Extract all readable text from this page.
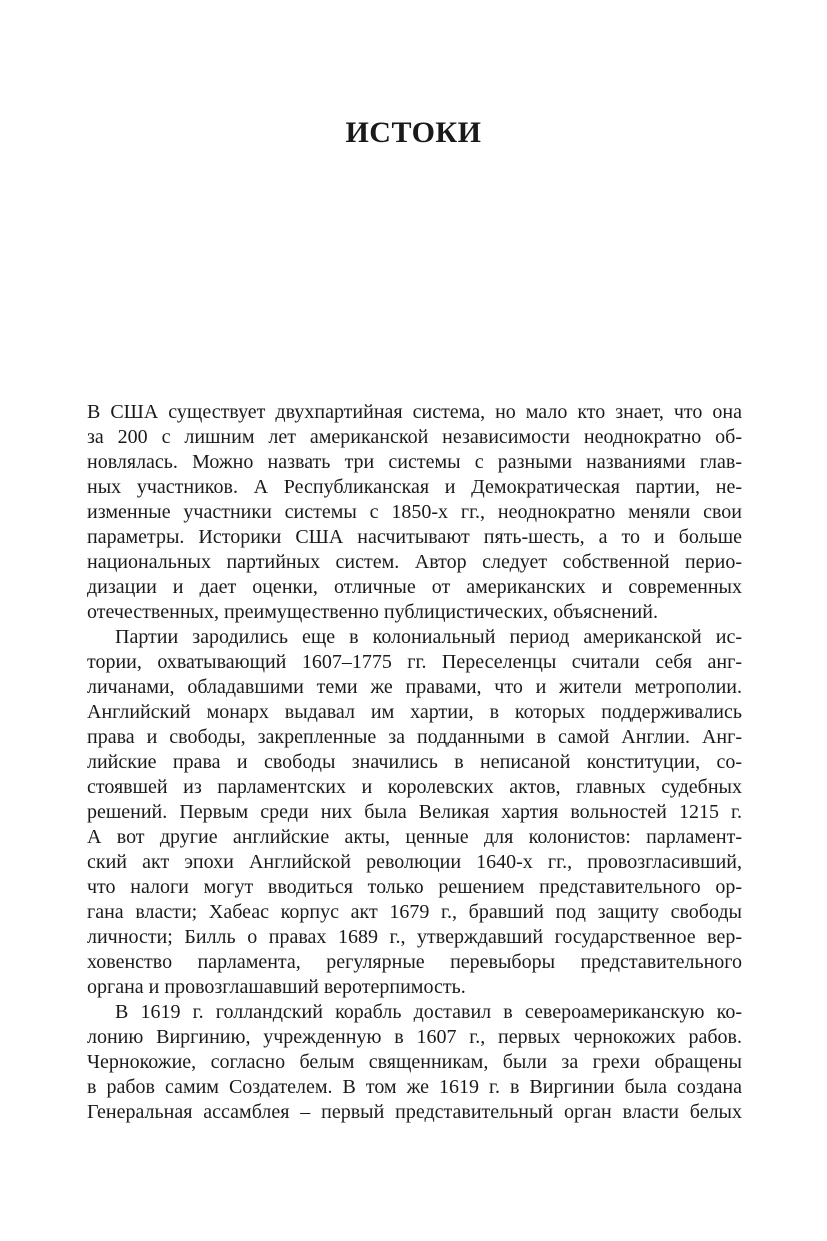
ИСТОКИ

В США существует двухпартийная система, но мало кто знает, что она
за 200 с лишним лет американской независимости неоднократно об-
новлялась. Можно назвать три системы с разными названиями глав-
ных участников. А Республиканская и Демократическая партии, не-
изменные участники системы с 1850-х гг., неоднократно меняли свои
параметры. Историки США насчитывают пять-шесть, а то и больше
национальных партийных систем. Автор следует собственной перио-
дизации и дает оценки, отличные от американских и современных
отечественных, преимущественно публицистических, объяснений.

Партии зародились еще в колониальный период американской ис-
тории, охватывающий 1607–1775 гг. Переселенцы считали себя анг-
личанами, обладавшими теми же правами, что и жители метрополии.
Английский монарх выдавал им хартии, в которых поддерживались
права и свободы, закрепленные за подданными в самой Англии. Анг-
лийские права и свободы значились в неписаной конституции, со-
стоявшей из парламентских и королевских актов, главных судебных
решений. Первым среди них была Великая хартия вольностей 1215 г.
А вот другие английские акты, ценные для колонистов: парламент-
ский акт эпохи Английской революции 1640-х гг., провозгласивший,
что налоги могут вводиться только решением представительного ор-
гана власти; Хабеас корпус акт 1679 г., бравший под защиту свободы
личности; Билль о правах 1689 г., утверждавший государственное вер-
ховенство парламента, регулярные перевыборы представительного
органа и провозглашавший веротерпимость.

В 1619 г. голландский корабль доставил в североамериканскую ко-
лонию Виргинию, учрежденную в 1607 г., первых чернокожих рабов.
Чернокожие, согласно белым священникам, были за грехи обращены
в рабов самим Создателем. В том же 1619 г. в Виргинии была создана
Генеральная ассамблея – первый представительный орган власти белых
